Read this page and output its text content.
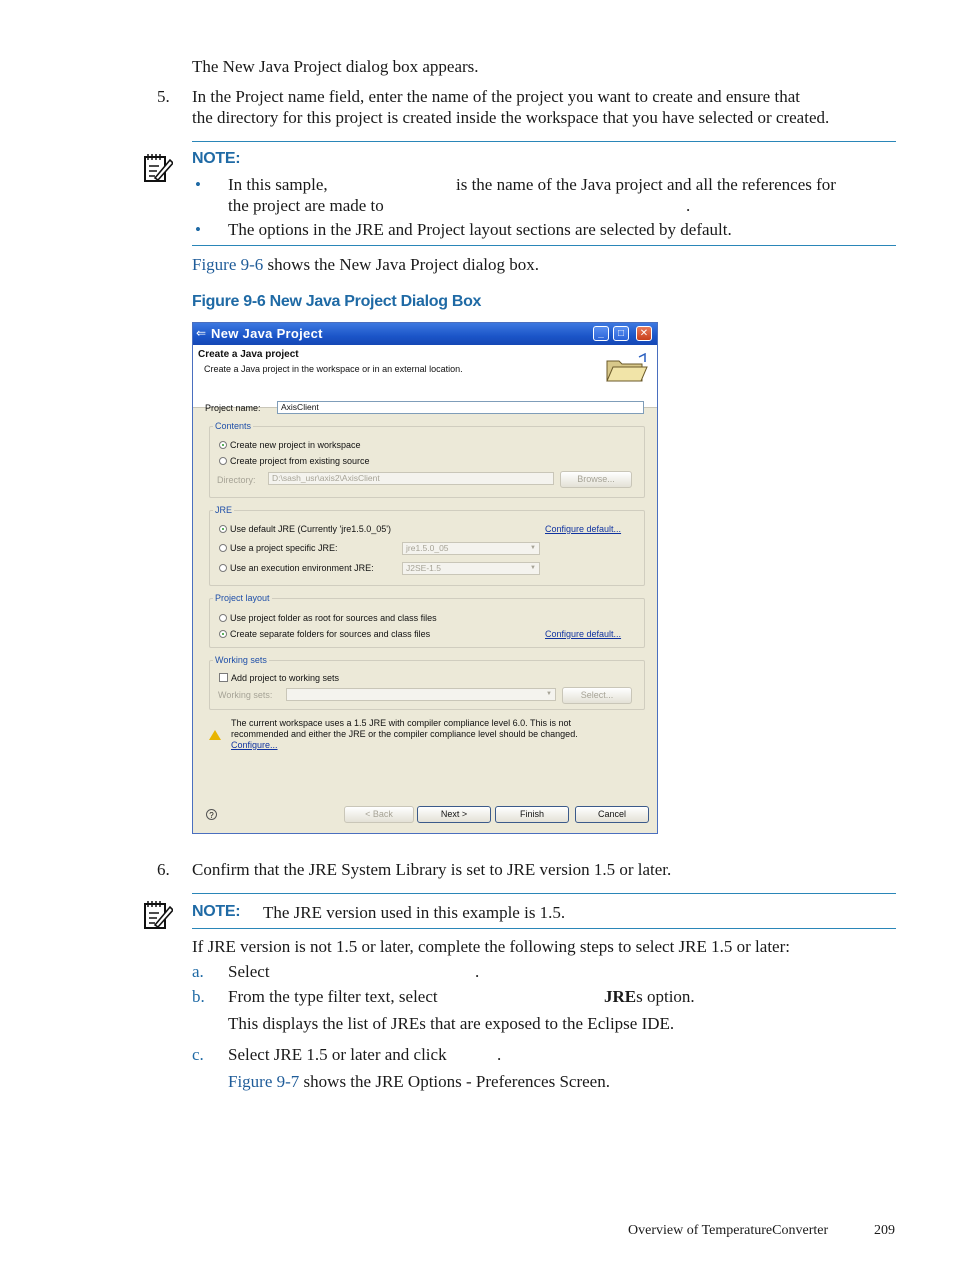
The New Java Project dialog box appears.
5. In the Project name field, enter the name of the project you want to create and ensure that
the directory for this project is created inside the workspace that you have selected or created.
NOTE:
• In this sample,	is the name of the Java project and all the references for
the project are made to	.
• The options in the JRE and Project layout sections are selected by default.
Figure 9-6 shows the New Java Project dialog box.
Figure 9-6 New Java Project Dialog Box
⇐ New Java Project	_	□	✕
Create a Java project
Create a Java project in the workspace or in an external location.
Project name:	AxisClient
Contents
Create new project in workspace
Create project from existing source
Directory:	D:\sash_usr\axis2\AxisClient	Browse...
JRE
Use default JRE (Currently 'jre1.5.0_05')	Configure default...
Use a project specific JRE:	jre1.5.0_05	▼
Use an execution environment JRE:	J2SE-1.5	▼
Project layout
Use project folder as root for sources and class files
Create separate folders for sources and class files	Configure default...
Working sets
Add project to working sets
Working sets:	▼	Select...
The current workspace uses a 1.5 JRE with compiler compliance level 6.0. This is not
recommended and either the JRE or the compiler compliance level should be changed.
Configure...
?	< Back	Next >	Finish	Cancel
6. Confirm that the JRE System Library is set to JRE version 1.5 or later.
NOTE: The JRE version used in this example is 1.5.
If JRE version is not 1.5 or later, complete the following steps to select JRE 1.5 or later:
a. Select	.
b. From the type filter text, select	JREs option.
This displays the list of JREs that are exposed to the Eclipse IDE.
c. Select JRE 1.5 or later and click	.
Figure 9-7 shows the JRE Options - Preferences Screen.
Overview of TemperatureConverter	209
